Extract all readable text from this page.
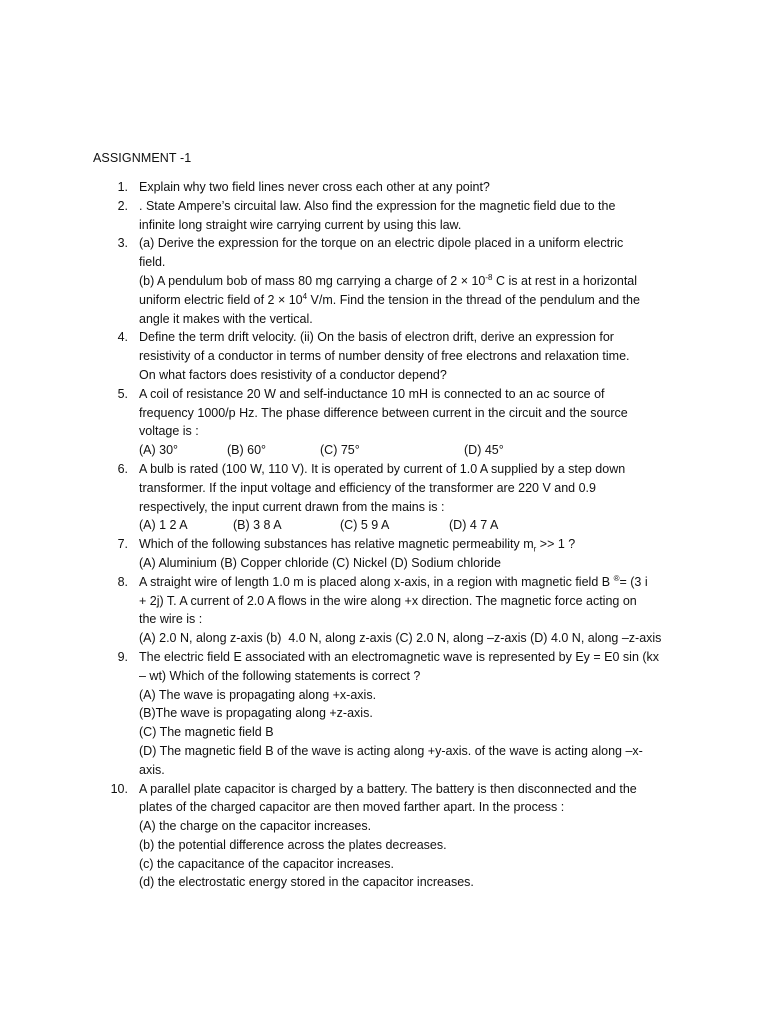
ASSIGNMENT -1
1. Explain why two field lines never cross each other at any point?
2. . State Ampere’s circuital law. Also find the expression for the magnetic field due to the
infinite long straight wire carrying current by using this law.
3. (a) Derive the expression for the torque on an electric dipole placed in a uniform electric
field.
(b) A pendulum bob of mass 80 mg carrying a charge of $2 \times 10^{-8}$ C is at rest in a horizontal
uniform electric field of $2 \times 10^4$ V/m. Find the tension in the thread of the pendulum and the
angle it makes with the vertical.
4. Define the term drift velocity. (ii) On the basis of electron drift, derive an expression for
resistivity of a conductor in terms of number density of free electrons and relaxation time.
On what factors does resistivity of a conductor depend?
5. A coil of resistance 20 W and self-inductance 10 mH is connected to an ac source of
frequency 1000/p Hz. The phase difference between current in the circuit and the source
voltage is :
(A) 30°	(B) 60°	(C) 75°	(D) 45°
6. A bulb is rated (100 W, 110 V). It is operated by current of 1.0 A supplied by a step down
transformer. If the input voltage and efficiency of the transformer are 220 V and 0.9
respectively, the input current drawn from the mains is :
(A) 1 2 A	(B) 3 8 A	(C) 5 9 A	(D) 4 7 A
7. Which of the following substances has relative magnetic permeability $m_r >> 1$ ?
(A) Aluminium (B) Copper chloride (C) Nickel (D) Sodium chloride
8. A straight wire of length 1.0 m is placed along x-axis, in a region with magnetic field B ®= (3 i
+ 2j) T. A current of 2.0 A flows in the wire along +x direction. The magnetic force acting on
the wire is :
(A) 2.0 N, along z-axis (b)  4.0 N, along z-axis (C) 2.0 N, along –z-axis (D) 4.0 N, along –z-axis
9. The electric field E associated with an electromagnetic wave is represented by Ey = E0 sin (kx
– wt) Which of the following statements is correct ?
(A) The wave is propagating along +x-axis.
(B)The wave is propagating along +z-axis.
(C) The magnetic field B
(D) The magnetic field B of the wave is acting along +y-axis. of the wave is acting along –x-
axis.
10. A parallel plate capacitor is charged by a battery. The battery is then disconnected and the
plates of the charged capacitor are then moved farther apart. In the process :
(A) the charge on the capacitor increases.
(b) the potential difference across the plates decreases.
(c) the capacitance of the capacitor increases.
(d) the electrostatic energy stored in the capacitor increases.
